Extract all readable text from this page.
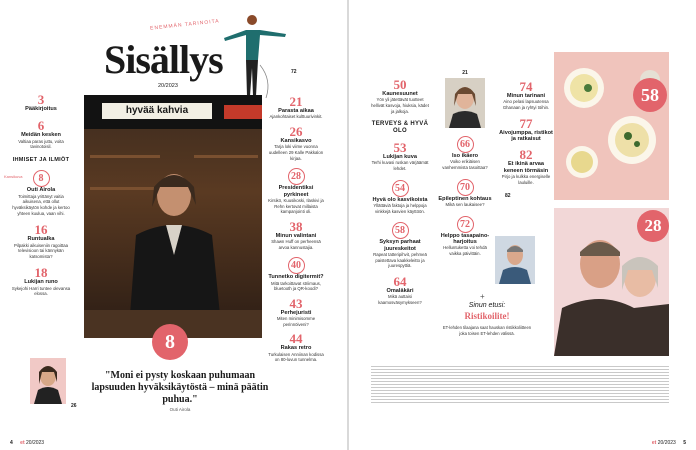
ENEMMÄN TARINOITA
Sisällys
20/2023
72
3
Pääkirjoitus
6
Meidän kesken
Valtiaa paras juttu, voita tavinotoisil.
IHMISET JA ILMIÖT
Kansikuva	8
Outi Airola
Toimittaja yrittänyt vaitia aikuisena, että ollut hyväksikäytön kohde ja kertoo yhteen kuulua, vaan vihi.
16
Runtualka
Pilpakki aikuiseniin ragoittaa televisioon tai kännykän katsomista?
18
Lukijan runo
Sykejohi Harri tuntee olevansa elossa.
hyvää kahvia
8
21
Parasta aikaa
Ajankohtaiset kulttuurivinkit.
26
Kansikasvo
Tarja loki viime vuonna uudelleen 29 Kalle Pakkalon kirjaa.
28
Presidentiksi pyrkineet
Kirsikö, Kuusikoski, Ilaskivi ja Rehn kertovat millaista kampanjointi oli.
38
Minun valintani
Shawn Huff on perheensä arvoa kannustajia.
40
Tunnetko digitermit?
Mitä tarkoittavat striimaus, bluetooth ja QR-koodi?
43
Perhejuristi
Miten minimisomme perinnöiveni?
44
Rakas retro
Turkulaisen Anniinan kodissa on 80-luvun tunnelma.
26
"Moni ei pysty koskaan puhumaan lapsuuden hyväksikäytöstä – minä päätin puhua."
Outi Airola
4 et 20/2023
50
Kaunesuunet
Yön yli jätettävät tuotteet hellivät kasvoja, hiuksia, kädet ja jalkoja.
TERVEYS & HYVÄ OLO
53
Lukijan kuva
Terhi kuvasi ruskan värjäämät lehdet.
54
Hyvä olo kasvikoista
Yllättäviä faktoja ja helppoja vinkkejä kasvien käyttöön.
58
Syksyn parhaat juureskeitot
Rapeat tatteripihvit, pehmeä paistettava kaakkeleitto ja juurespyttiä.
64
Omaläkäri
Mikä auttaisi kaamosväsymykseen?
21
66
Iso ikäero
Voiko erikiäisen vanhemmista tasoittaa?
70
Epileptinen kohtaus
Mikä sen laukaisee?
72
Helppo tasapainoharjoitus
Helluntuketta voi tehdä vaikka päivittäin.
74
Minun tarinani
Aino pelasi lapsuutensa Ghanaan ja ryhtyi töihin.
77
Aivojumppa, ristikot ja ratkaisut
82
Et ikinä arvaa keneen törmäsin
Pirjo ja kulkka energiselle lauluille.
82
+
Sinun etusi:
Ristikoilite!
ET-lehden tilaajana saat hauskan ristikkoliitteen joka toisen ET-lehden välissä.
58
28
et 20/2023 5
